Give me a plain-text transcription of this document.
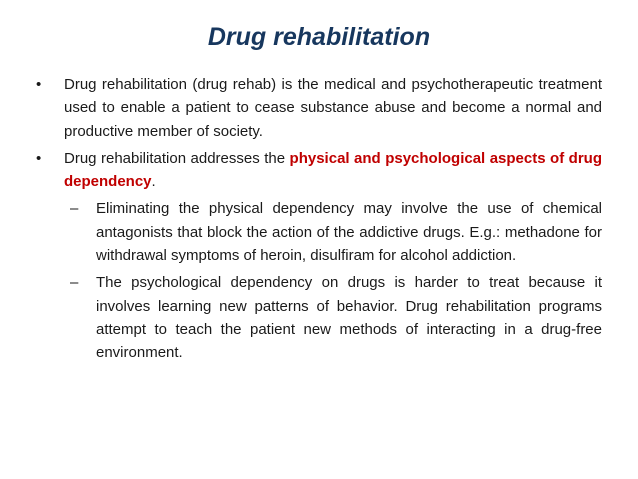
Drug rehabilitation
• Drug rehabilitation (drug rehab) is the medical and psychotherapeutic treatment used to enable a patient to cease substance abuse and become a normal and productive member of society.
• Drug rehabilitation addresses the physical and psychological aspects of drug dependency.
– Eliminating the physical dependency may involve the use of chemical antagonists that block the action of the addictive drugs. E.g.: methadone for withdrawal symptoms of heroin, disulfiram for alcohol addiction.
– The psychological dependency on drugs is harder to treat because it involves learning new patterns of behavior. Drug rehabilitation programs attempt to teach the patient new methods of interacting in a drug-free environment.
